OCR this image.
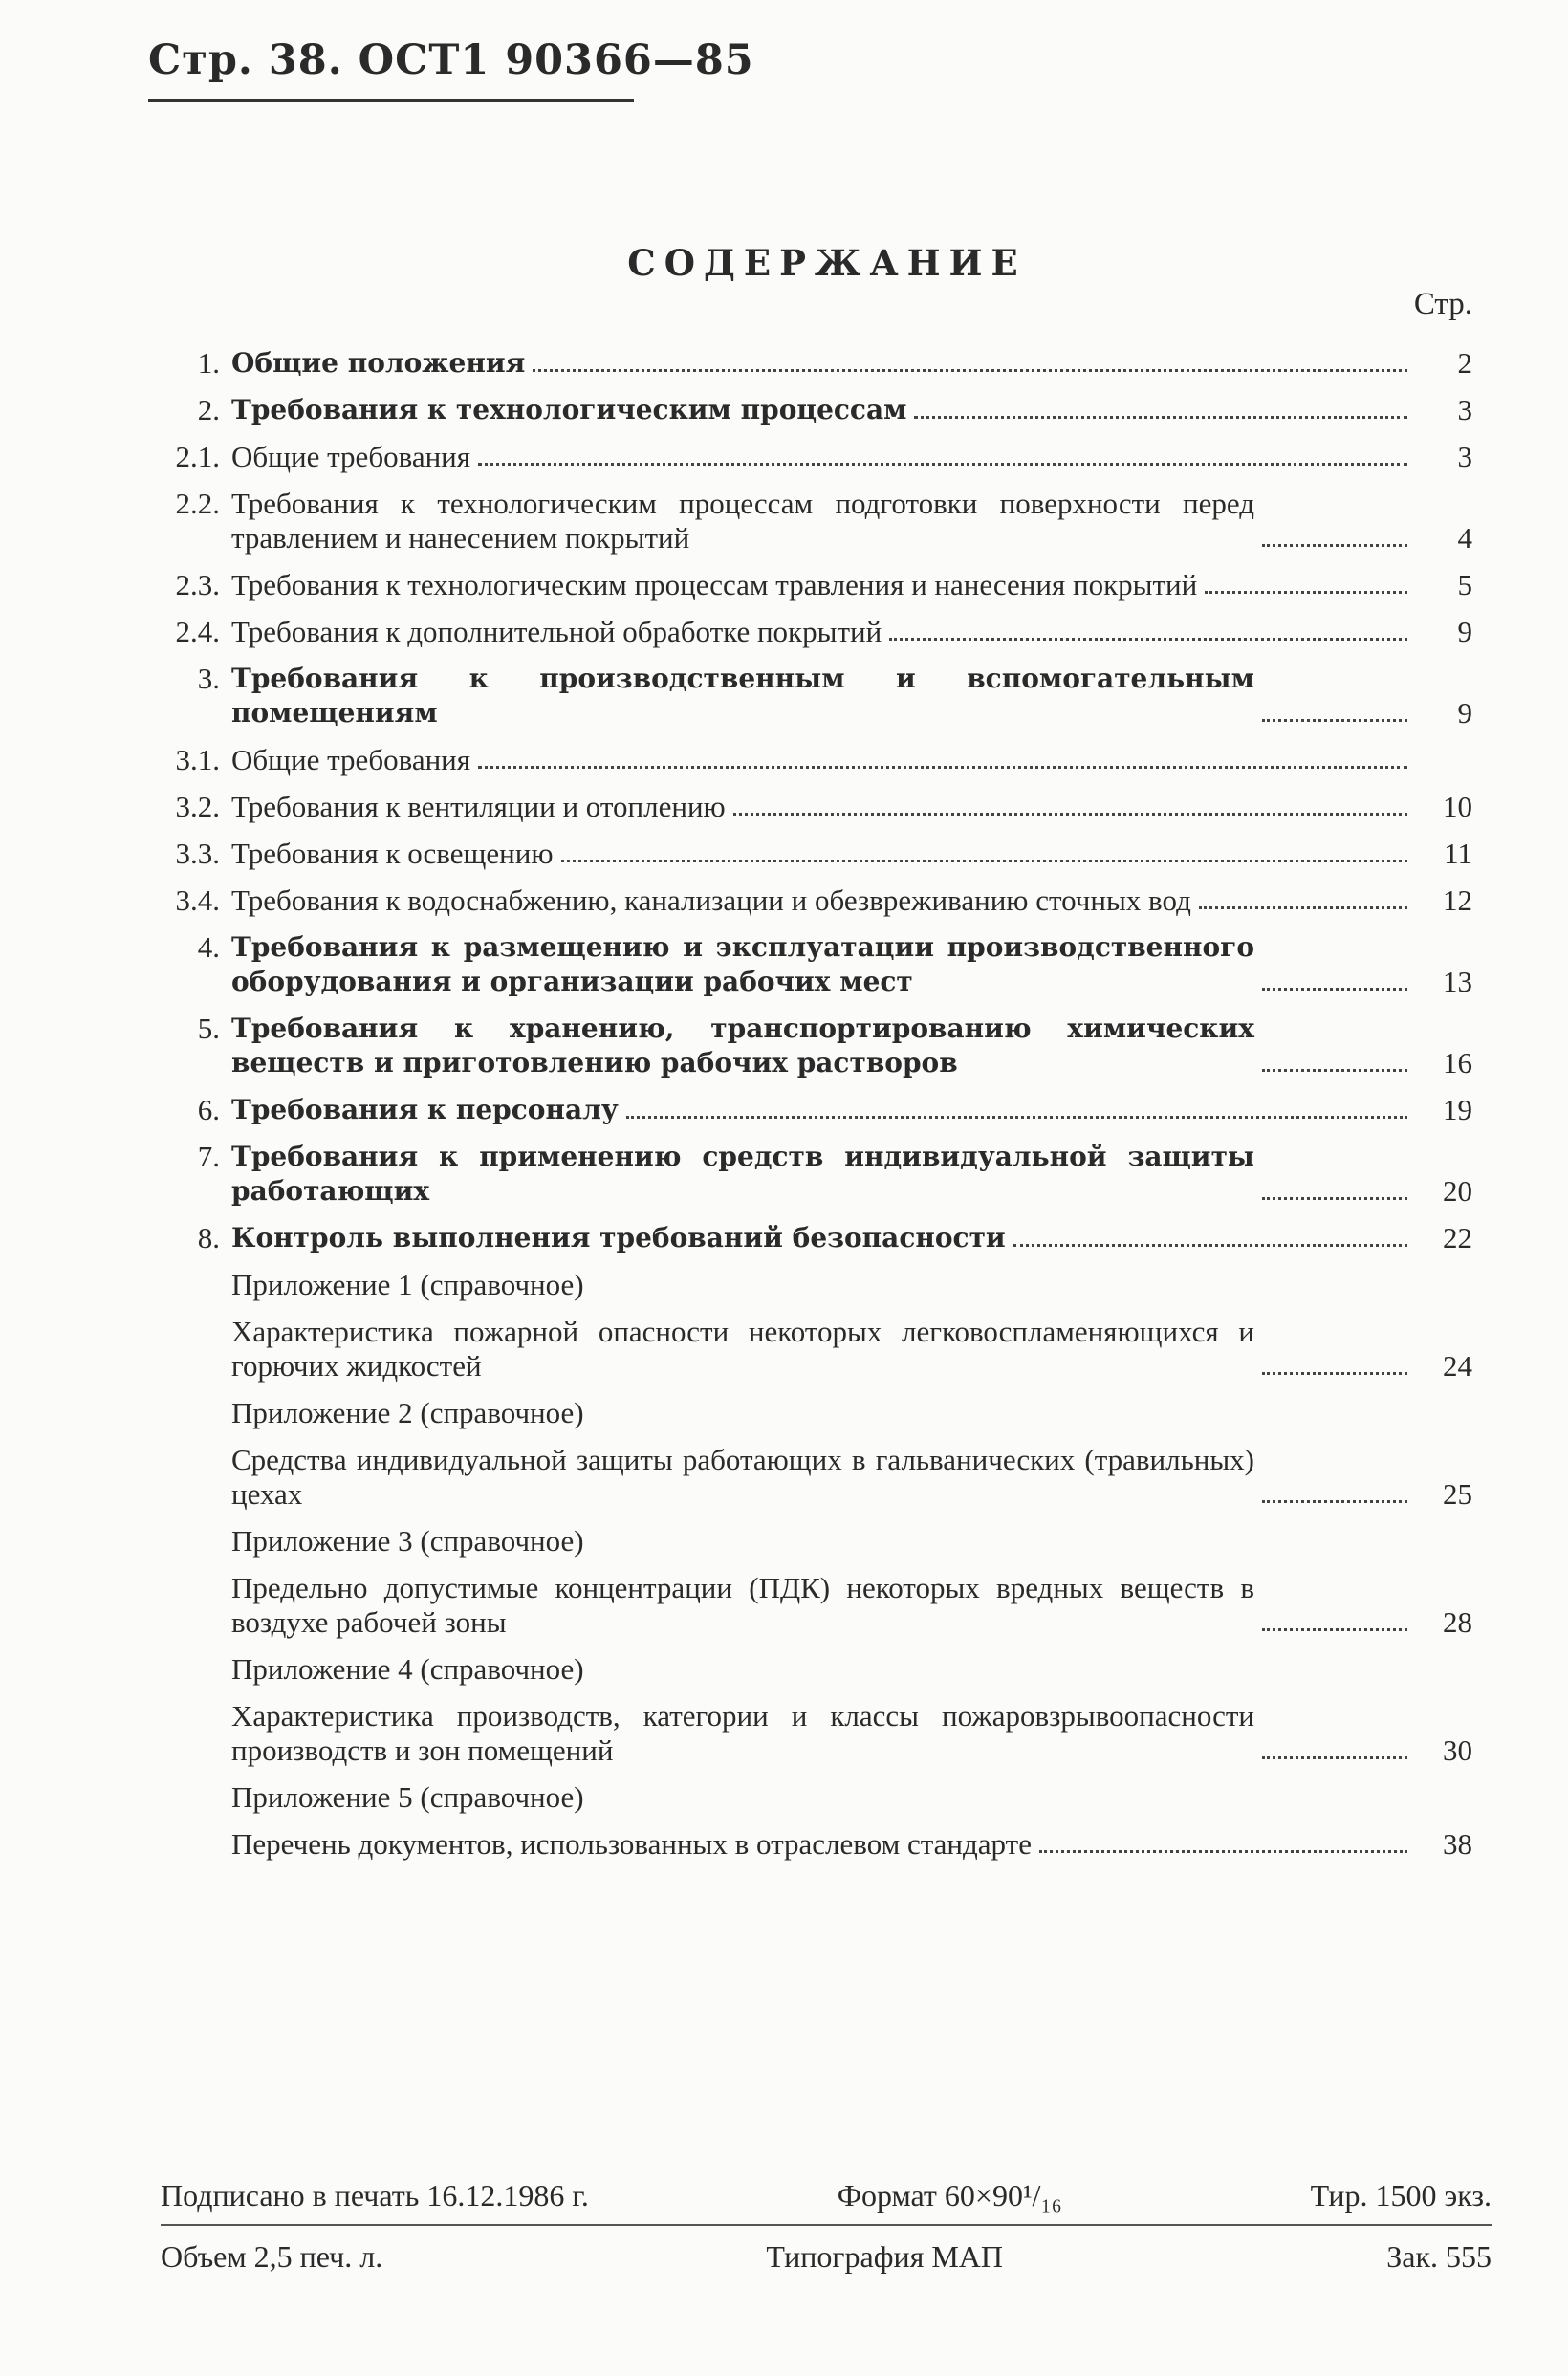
Стр. 38. ОСТ1 90366—85
СОДЕРЖАНИЕ
Стр.
1. Общие положения	2
2. Требования к технологическим процессам	3
2.1. Общие требования	3
2.2. Требования к технологическим процессам подготовки поверхности перед травлением и нанесением покрытий	4
2.3. Требования к технологическим процессам травления и нанесения покрытий	5
2.4. Требования к дополнительной обработке покрытий	9
3. Требования к производственным и вспомогательным помещениям	9
3.1. Общие требования
3.2. Требования к вентиляции и отоплению	10
3.3. Требования к освещению	11
3.4. Требования к водоснабжению, канализации и обезвреживанию сточных вод	12
4. Требования к размещению и эксплуатации производственного оборудования и организации рабочих мест	13
5. Требования к хранению, транспортированию химических веществ и приготовлению рабочих растворов	16
6. Требования к персоналу	19
7. Требования к применению средств индивидуальной защиты работающих	20
8. Контроль выполнения требований безопасности	22
Приложение 1 (справочное)
Характеристика пожарной опасности некоторых легковоспламеняющихся и горючих жидкостей	24
Приложение 2 (справочное)
Средства индивидуальной защиты работающих в гальванических (травильных) цехах	25
Приложение 3 (справочное)
Предельно допустимые концентрации (ПДК) некоторых вредных веществ в воздухе рабочей зоны	28
Приложение 4 (справочное)
Характеристика производств, категории и классы пожаровзрывоопасности производств и зон помещений	30
Приложение 5 (справочное)
Перечень документов, использованных в отраслевом стандарте	38
Подписано в печать 16.12.1986 г.	Формат 60×90¹/₁₆	Тир. 1500 экз.
Объем 2,5 печ. л.	Типография МАП	Зак. 555
